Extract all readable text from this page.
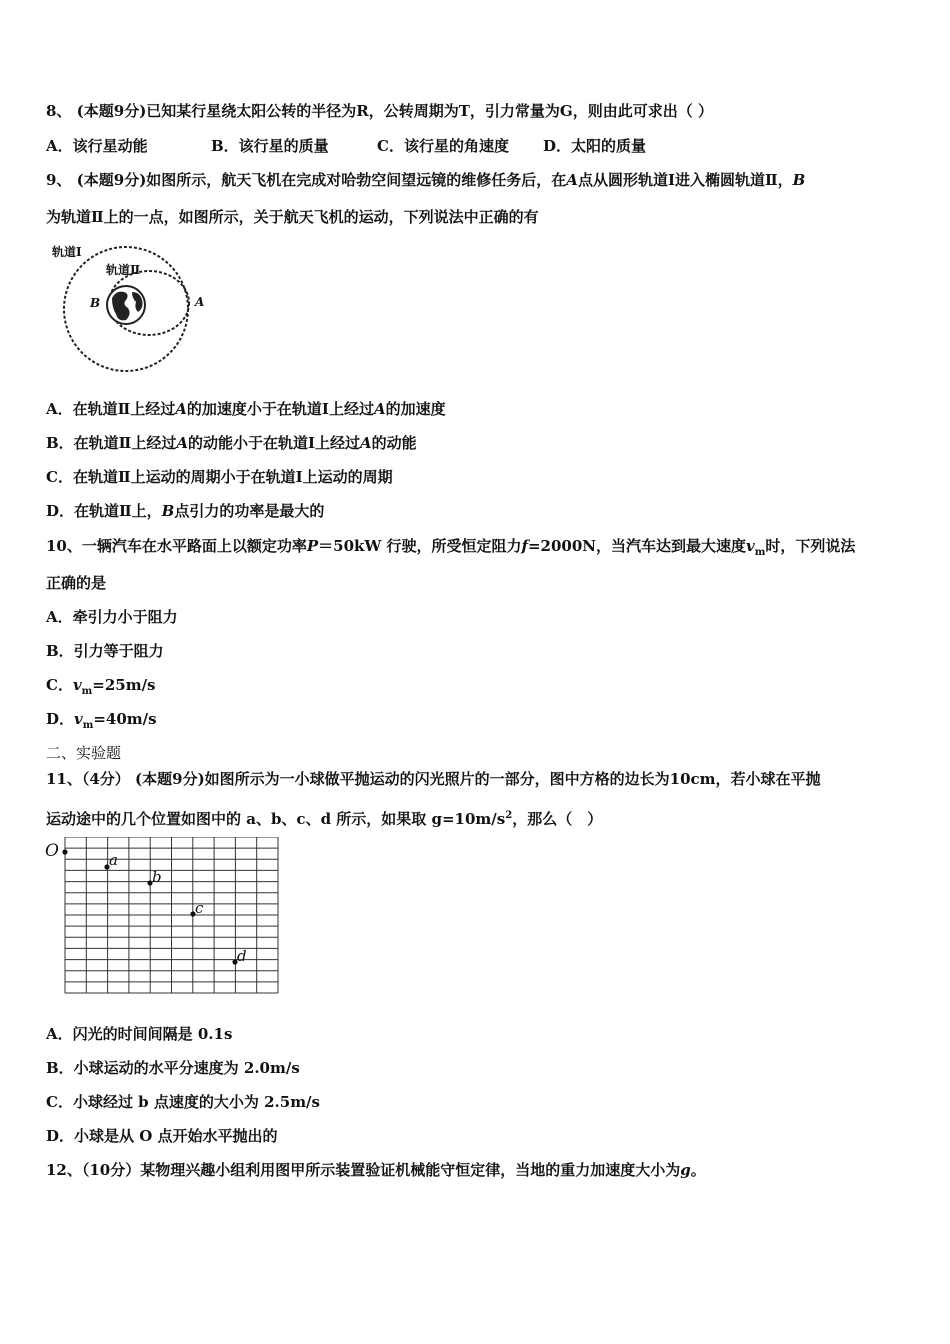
8、 (本题9分)已知某行星绕太阳公转的半径为R，公转周期为T，引力常量为G，则由此可求出（ ）
A．该行星动能	B．该行星的质量	C．该行星的角速度 D．太阳的质量
9、 (本题9分)如图所示，航天飞机在完成对哈勃空间望远镜的维修任务后，在A点从圆形轨道Ⅰ进入椭圆轨道Ⅱ，B
为轨道Ⅱ上的一点，如图所示，关于航天飞机的运动，下列说法中正确的有
轨道Ⅰ
轨道Ⅱ
B	A
A．在轨道Ⅱ上经过A的加速度小于在轨道Ⅰ上经过A的加速度
B．在轨道Ⅱ上经过A的动能小于在轨道Ⅰ上经过A的动能
C．在轨道Ⅱ上运动的周期小于在轨道Ⅰ上运动的周期
D．在轨道Ⅱ上，B点引力的功率是最大的
10、一辆汽车在水平路面上以额定功率P＝50kW 行驶，所受恒定阻力f=2000N，当汽车达到最大速度$v_m$时，下列说法
正确的是
A．牵引力小于阻力
B．引力等于阻力
C．$v_m=25m/s$
D．$v_m=40m/s$
二、实验题
11、（4分） (本题9分)如图所示为一小球做平抛运动的闪光照片的一部分，图中方格的边长为10cm，若小球在平抛
运动途中的几个位置如图中的 a、b、c、d 所示，如果取 $g=10m/s^2$，那么（　）
O	a
b
c
d
A．闪光的时间间隔是 0.1s
B．小球运动的水平分速度为 2.0m/s
C．小球经过 b 点速度的大小为 2.5m/s
D．小球是从 O 点开始水平抛出的
12、（10分）某物理兴趣小组利用图甲所示装置验证机械能守恒定律，当地的重力加速度大小为g。
